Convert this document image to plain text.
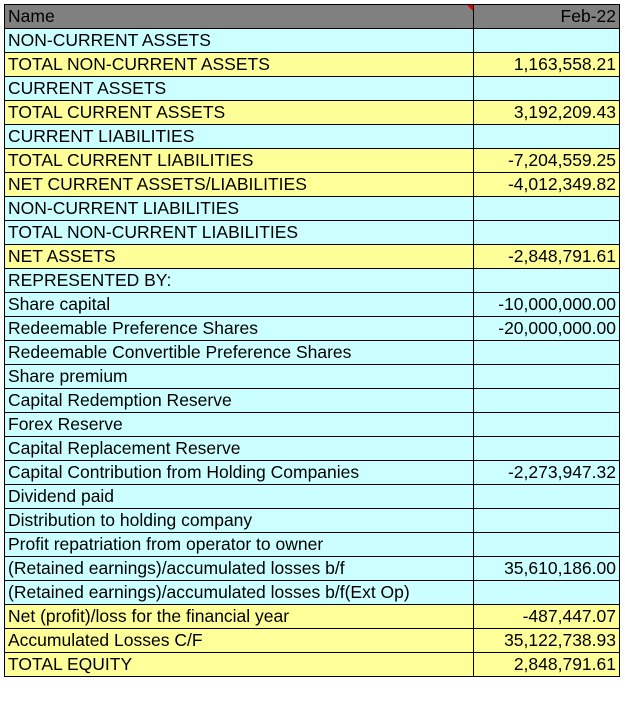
Name	Feb-22
NON-CURRENT ASSETS	
TOTAL NON-CURRENT ASSETS	1,163,558.21
CURRENT ASSETS	
TOTAL CURRENT ASSETS	3,192,209.43
CURRENT LIABILITIES	
TOTAL CURRENT LIABILITIES	-7,204,559.25
NET CURRENT ASSETS/LIABILITIES	-4,012,349.82
NON-CURRENT LIABILITIES	
TOTAL NON-CURRENT LIABILITIES	
NET ASSETS	-2,848,791.61
REPRESENTED BY:	
Share capital	-10,000,000.00
Redeemable Preference Shares	-20,000,000.00
Redeemable Convertible Preference Shares	
Share premium	
Capital Redemption Reserve	
Forex Reserve	
Capital Replacement Reserve	
Capital Contribution from Holding Companies	-2,273,947.32
Dividend paid	
Distribution to holding company	
Profit repatriation from operator to owner	
(Retained earnings)/accumulated losses b/f	35,610,186.00
(Retained earnings)/accumulated losses b/f(Ext Op)	
Net (profit)/loss for the financial year	-487,447.07
Accumulated Losses C/F	35,122,738.93
TOTAL EQUITY	2,848,791.61
